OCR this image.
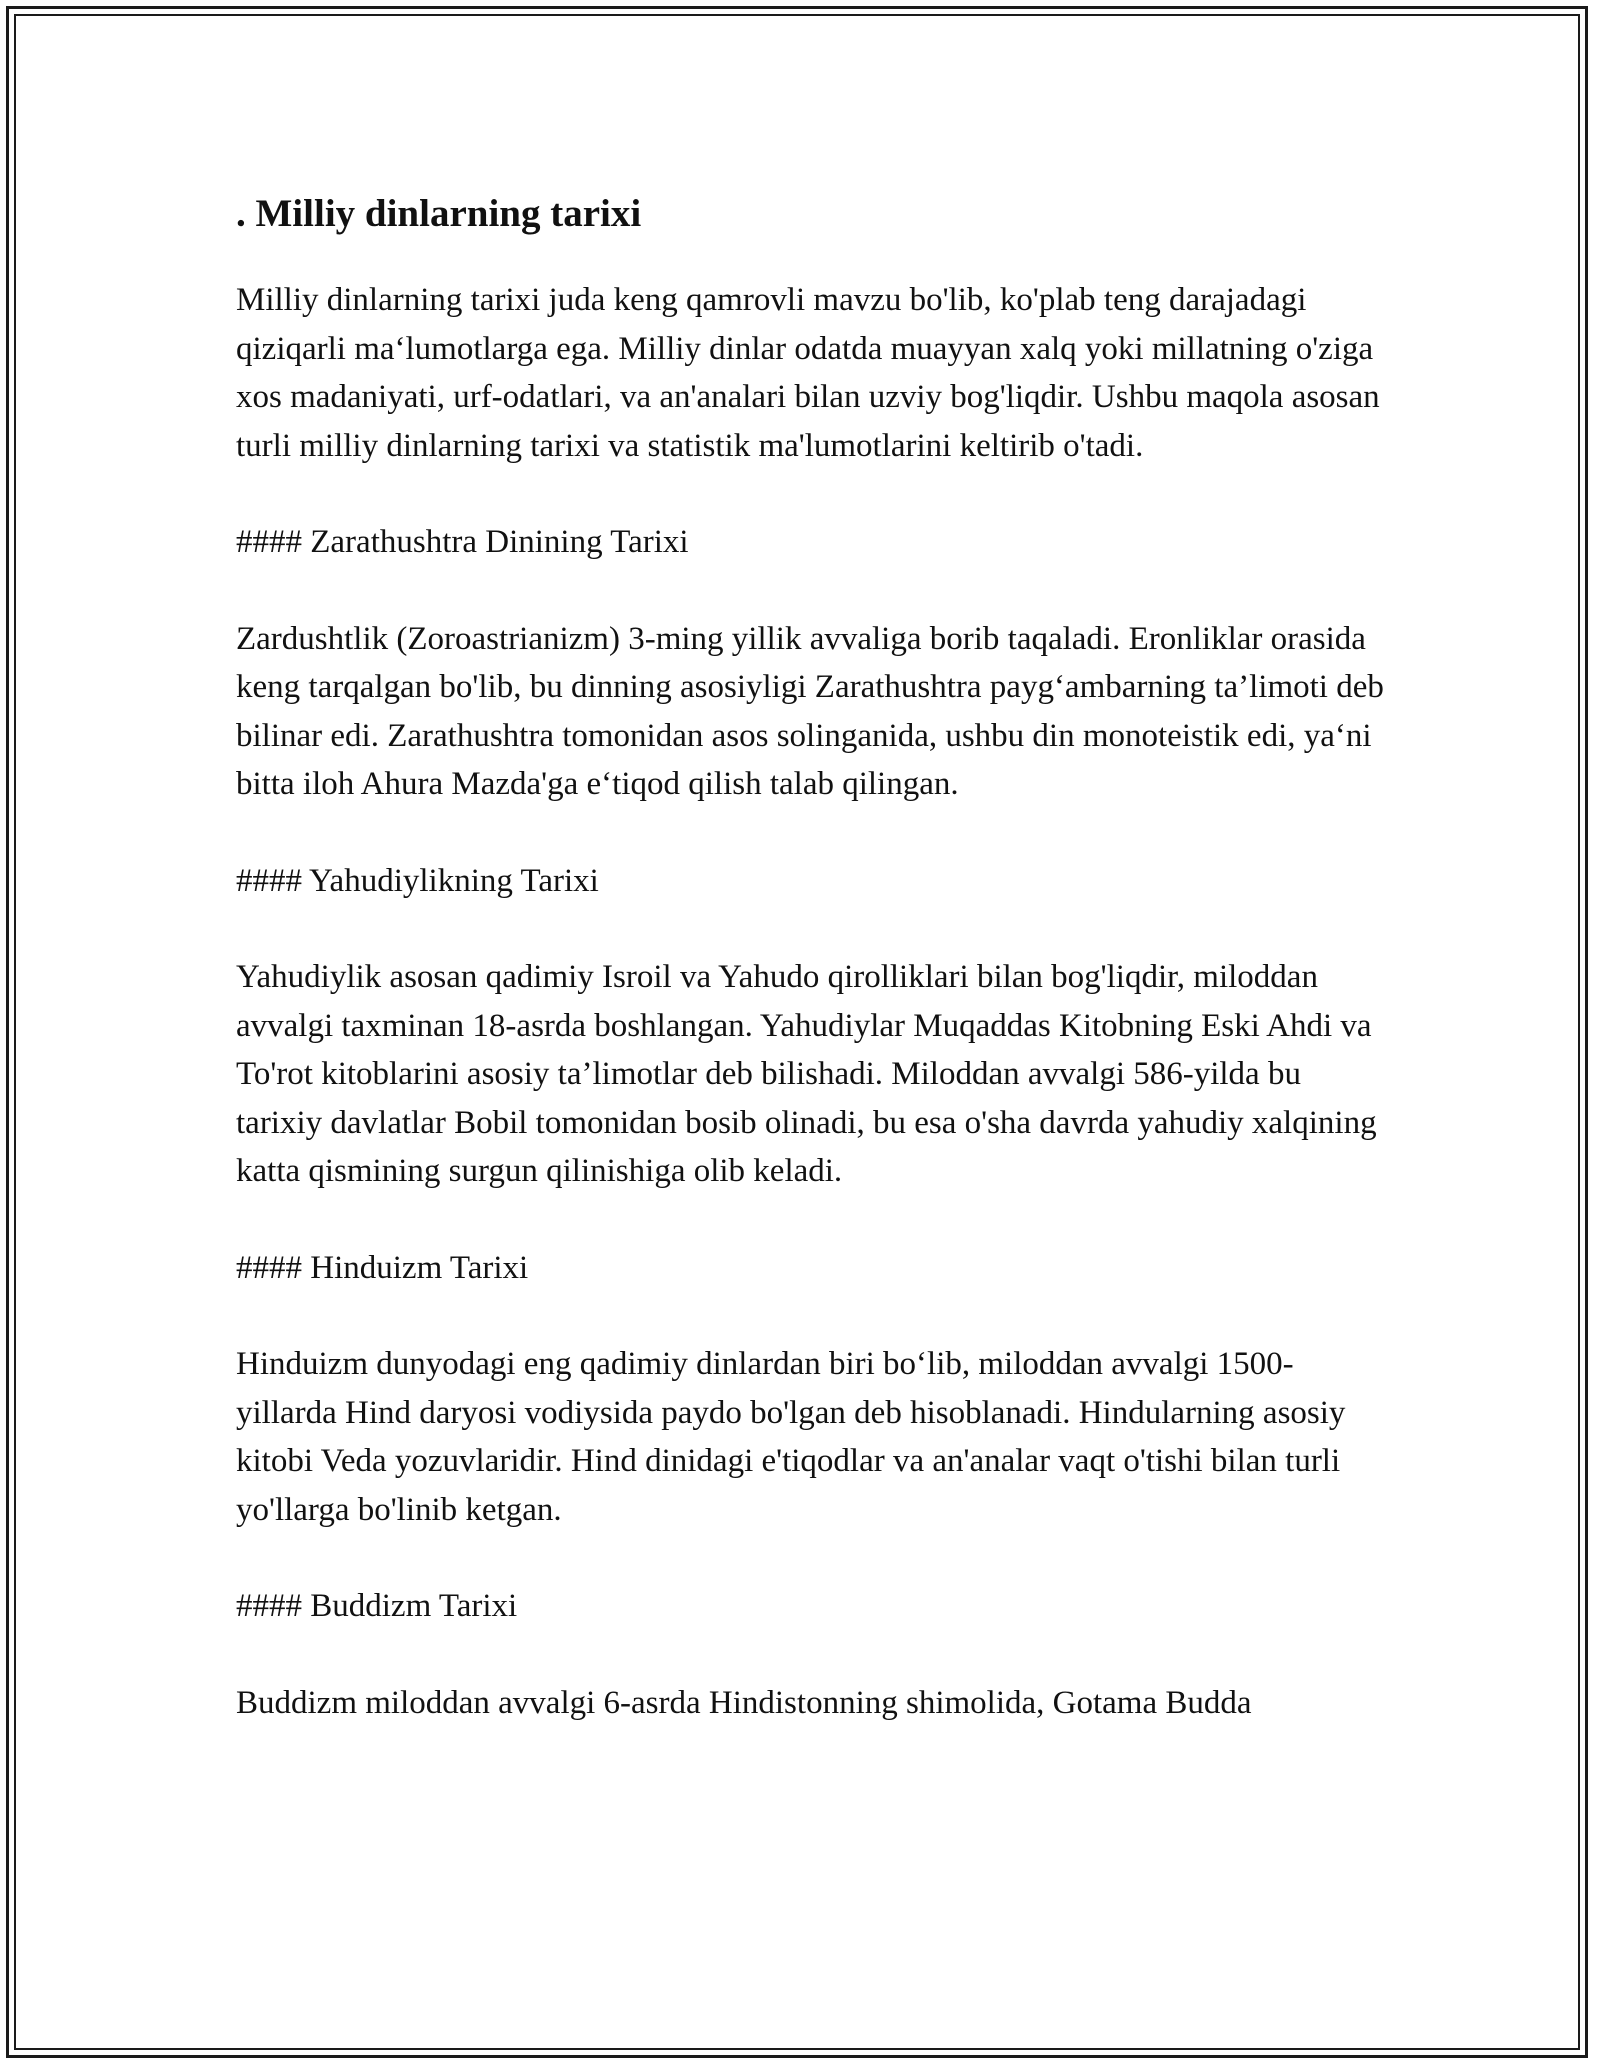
. Milliy dinlarning tarixi

Milliy dinlarning tarixi juda keng qamrovli mavzu bo'lib, ko'plab teng darajadagi qiziqarli ma‘lumotlarga ega. Milliy dinlar odatda muayyan xalq yoki millatning o'ziga xos madaniyati, urf-odatlari, va an'analari bilan uzviy bog'liqdir. Ushbu maqola asosan turli milliy dinlarning tarixi va statistik ma'lumotlarini keltirib o'tadi.

#### Zarathushtra Dinining Tarixi

Zardushtlik (Zoroastrianizm) 3-ming yillik avvaliga borib taqaladi. Eronliklar orasida keng tarqalgan bo'lib, bu dinning asosiyligi Zarathushtra payg‘ambarning ta’limoti deb bilinar edi. Zarathushtra tomonidan asos solinganida, ushbu din monoteistik edi, ya‘ni bitta iloh Ahura Mazda'ga e‘tiqod qilish talab qilingan.

#### Yahudiylikning Tarixi

Yahudiylik asosan qadimiy Isroil va Yahudo qirolliklari bilan bog'liqdir, miloddan avvalgi taxminan 18-asrda boshlangan. Yahudiylar Muqaddas Kitobning Eski Ahdi va To'rot kitoblarini asosiy ta’limotlar deb bilishadi. Miloddan avvalgi 586-yilda bu tarixiy davlatlar Bobil tomonidan bosib olinadi, bu esa o'sha davrda yahudiy xalqining katta qismining surgun qilinishiga olib keladi.

#### Hinduizm Tarixi

Hinduizm dunyodagi eng qadimiy dinlardan biri bo‘lib, miloddan avvalgi 1500-yillarda Hind daryosi vodiysida paydo bo'lgan deb hisoblanadi. Hindularning asosiy kitobi Veda yozuvlaridir. Hind dinidagi e'tiqodlar va an'analar vaqt o'tishi bilan turli yo'llarga bo'linib ketgan.

#### Buddizm Tarixi

Buddizm miloddan avvalgi 6-asrda Hindistonning shimolida, Gotama Budda
